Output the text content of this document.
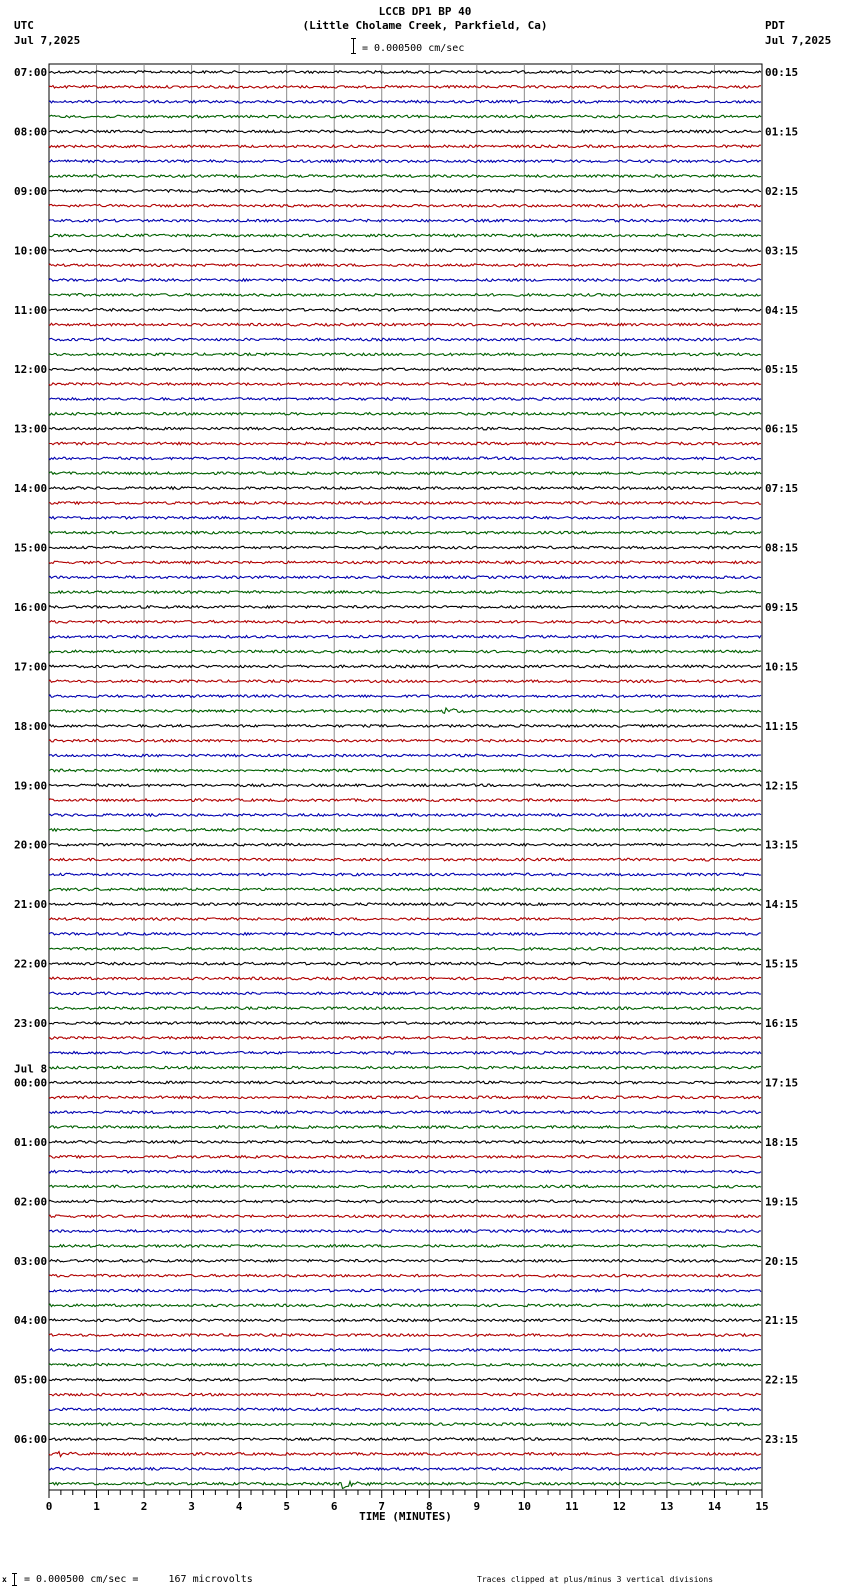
LCCB DP1 BP 40
(Little Cholame Creek, Parkfield, Ca)
UTC
Jul 7,2025
PDT
Jul 7,2025
= 0.000500 cm/sec
07:00	00:15
08:00	01:15
09:00	02:15
10:00	03:15
11:00	04:15
12:00	05:15
13:00	06:15
14:00	07:15
15:00	08:15
16:00	09:15
17:00	10:15
18:00	11:15
19:00	12:15
20:00	13:15
21:00	14:15
22:00	15:15
23:00	16:15
00:00	17:15
01:00	18:15
02:00	19:15
03:00	20:15
04:00	21:15
05:00	22:15
06:00	23:15
Jul 8
0	1	2	3	4	5	6	7	8	9	10	11	12	13	14	15
TIME (MINUTES)
x = 0.000500 cm/sec =     167 microvolts	Traces clipped at plus/minus 3 vertical divisions
